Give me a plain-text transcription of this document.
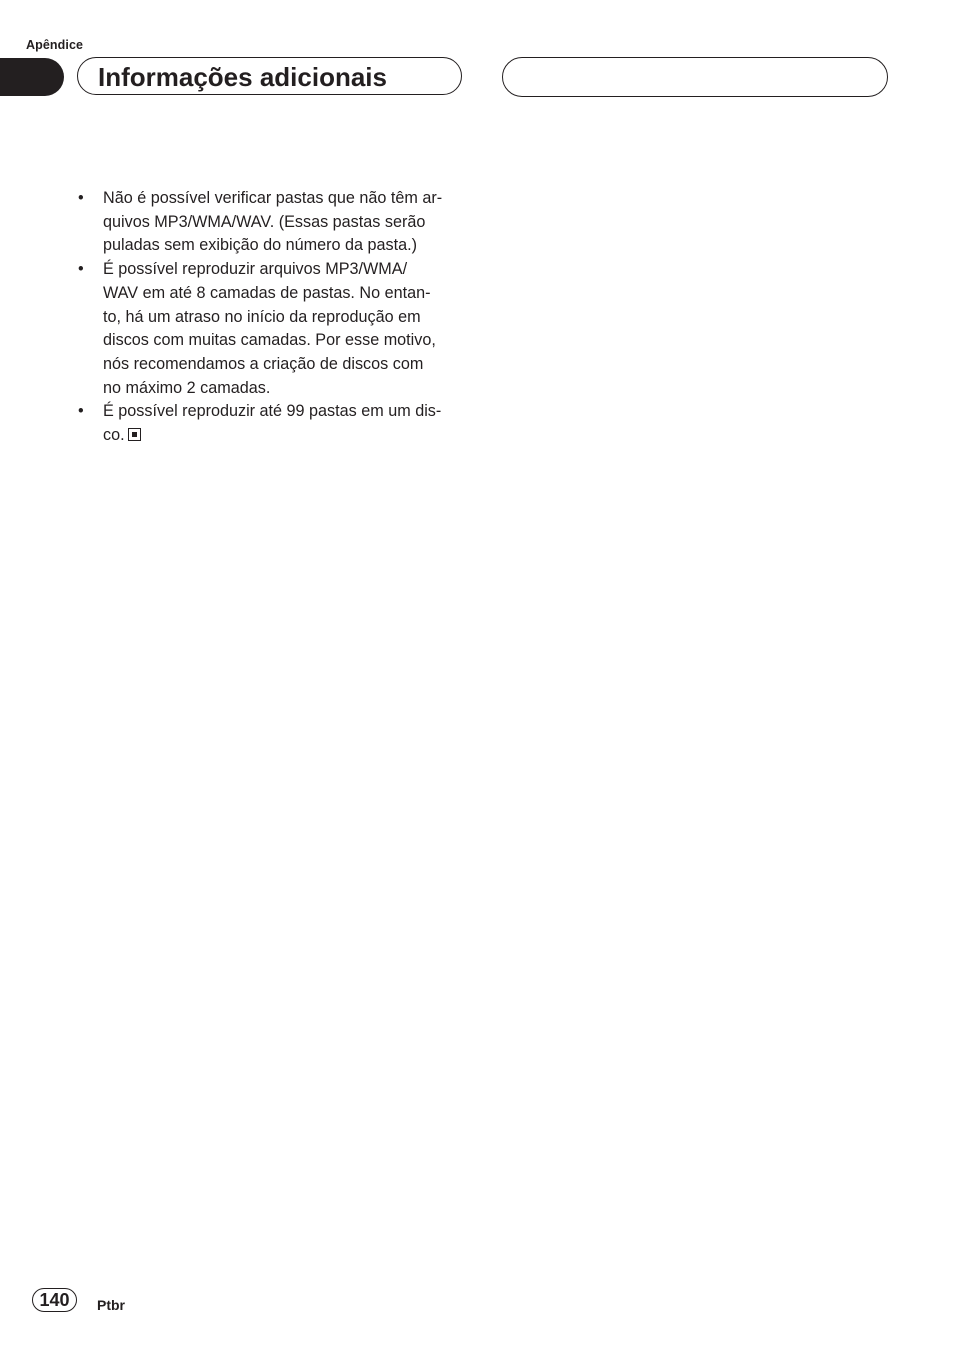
Apêndice
Informações adicionais
• Não é possível verificar pastas que não têm ar-
quivos MP3/WMA/WAV. (Essas pastas serão
puladas sem exibição do número da pasta.)
• É possível reproduzir arquivos MP3/WMA/
WAV em até 8 camadas de pastas. No entan-
to, há um atraso no início da reprodução em
discos com muitas camadas. Por esse motivo,
nós recomendamos a criação de discos com
no máximo 2 camadas.
• É possível reproduzir até 99 pastas em um dis-
co.
140	Ptbr
